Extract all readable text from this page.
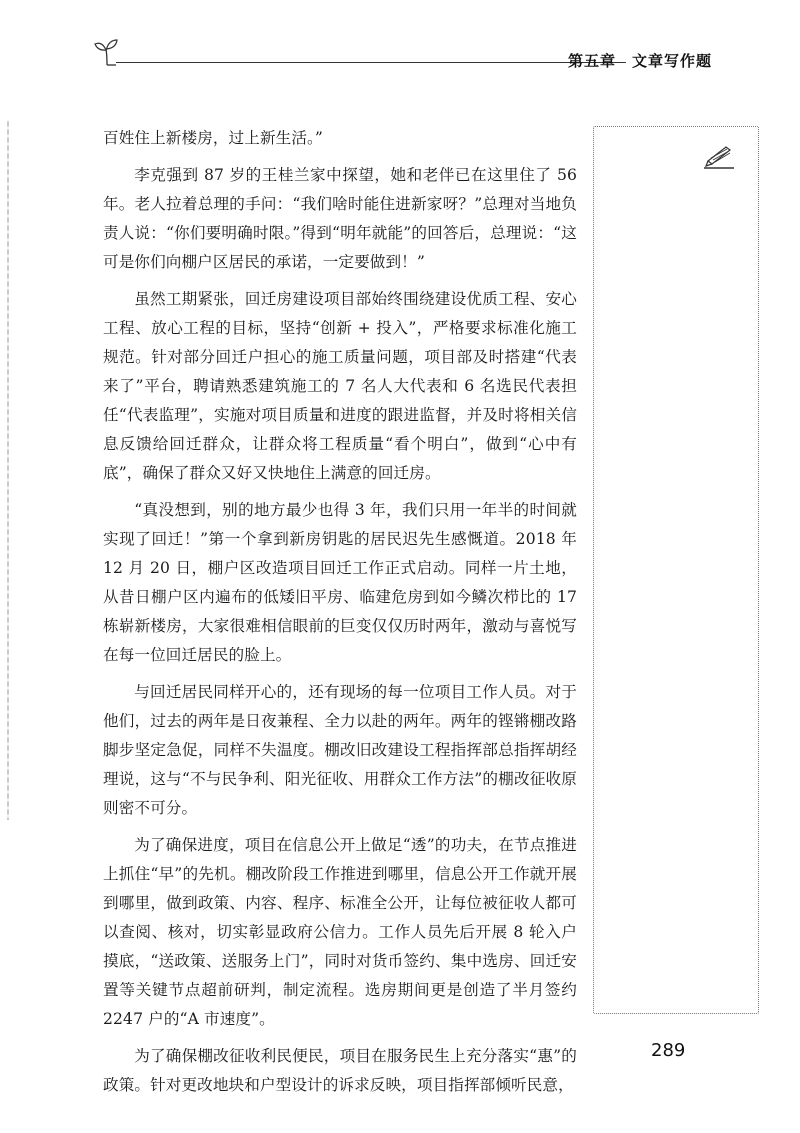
第五章 文章写作题

百姓住上新楼房，过上新生活。”

李克强到 87 岁的王桂兰家中探望，她和老伴已在这里住了 56 年。老人拉着总理的手问：“我们啥时能住进新家呀？”总理对当地负责人说：“你们要明确时限。”得到“明年就能”的回答后，总理说：“这可是你们向棚户区居民的承诺，一定要做到！”

虽然工期紧张，回迁房建设项目部始终围绕建设优质工程、安心工程、放心工程的目标，坚持“创新 + 投入”，严格要求标准化施工规范。针对部分回迁户担心的施工质量问题，项目部及时搭建“代表来了”平台，聘请熟悉建筑施工的 7 名人大代表和 6 名选民代表担任“代表监理”，实施对项目质量和进度的跟进监督，并及时将相关信息反馈给回迁群众，让群众将工程质量“看个明白”，做到“心中有底”，确保了群众又好又快地住上满意的回迁房。

“真没想到，别的地方最少也得 3 年，我们只用一年半的时间就实现了回迁！”第一个拿到新房钥匙的居民迟先生感慨道。2018 年 12 月 20 日，棚户区改造项目回迁工作正式启动。同样一片土地，从昔日棚户区内遍布的低矮旧平房、临建危房到如今鳞次栉比的 17 栋崭新楼房，大家很难相信眼前的巨变仅仅历时两年，激动与喜悦写在每一位回迁居民的脸上。

与回迁居民同样开心的，还有现场的每一位项目工作人员。对于他们，过去的两年是日夜兼程、全力以赴的两年。两年的铿锵棚改路脚步坚定急促，同样不失温度。棚改旧改建设工程指挥部总指挥胡经理说，这与“不与民争利、阳光征收、用群众工作方法”的棚改征收原则密不可分。

为了确保进度，项目在信息公开上做足“透”的功夫，在节点推进上抓住“早”的先机。棚改阶段工作推进到哪里，信息公开工作就开展到哪里，做到政策、内容、程序、标准全公开，让每位被征收人都可以查阅、核对，切实彰显政府公信力。工作人员先后开展 8 轮入户摸底，“送政策、送服务上门”，同时对货币签约、集中选房、回迁安置等关键节点超前研判，制定流程。选房期间更是创造了半月签约 2247 户的“A 市速度”。

为了确保棚改征收利民便民，项目在服务民生上充分落实“惠”的政策。针对更改地块和户型设计的诉求反映，项目指挥部倾听民意，

289
